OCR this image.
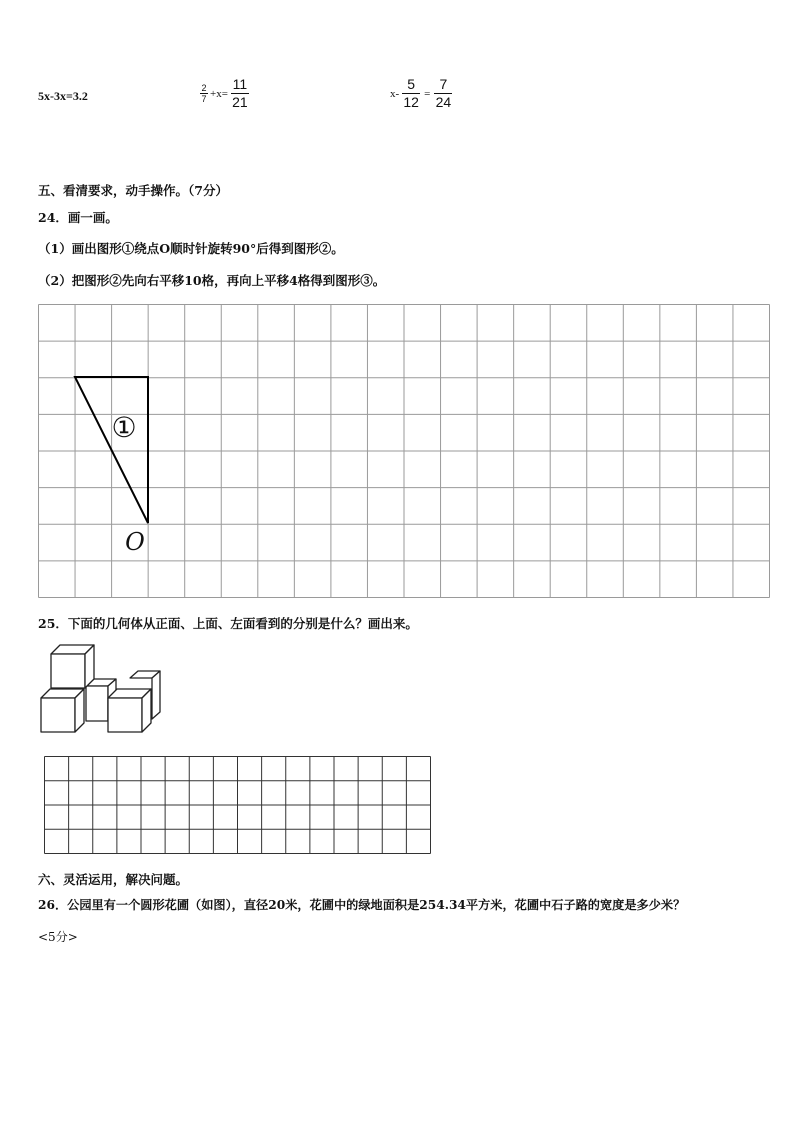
5x-3x=3.2	$\frac{2}{7} +x= \frac{11}{21}$	$x- \frac{5}{12} = \frac{7}{24}$
五、看清要求，动手操作。（7分）
24．画一画。
（1）画出图形①绕点O顺时针旋转90°后得到图形②。
（2）把图形②先向右平移10格，再向上平移4格得到图形③。
①
O
25．下面的几何体从正面、上面、左面看到的分别是什么？画出来。
六、灵活运用，解决问题。
26．公园里有一个圆形花圃（如图），直径20米，花圃中的绿地面积是254.34平方米，花圃中石子路的宽度是多少米？
<5分>
